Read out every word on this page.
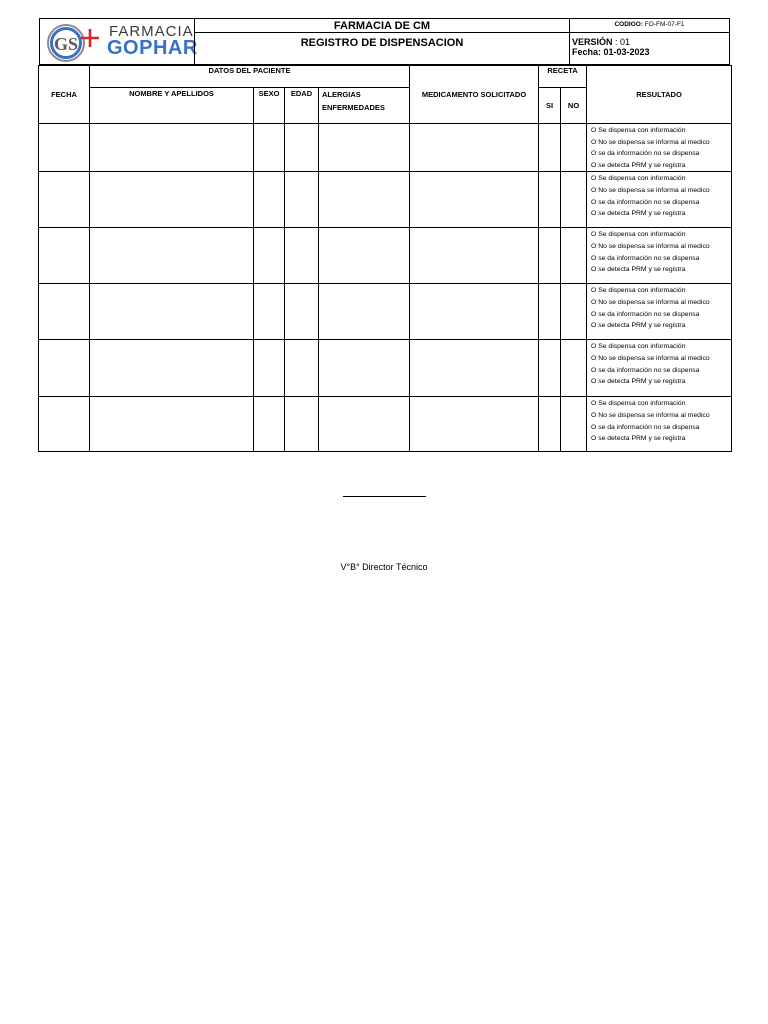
GS
FARMACIA
GOPHAR
FARMACIA DE CM
REGISTRO DE DISPENSACION
CODIGO: FO-FM-07-F1
VERSIÓN : 01
Fecha: 01-03-2023
FECHA	DATOS DEL PACIENTE				MEDICAMENTO SOLICITADO	RECETA		RESULTADO
	NOMBRE Y APELLIDOS	SEXO	EDAD	ALERGIAS
ENFERMEDADES		SI	NO	

								O Se dispensa con información
O No se dispensa se informa al medico
O se da información no se dispensa
O se detecta PRM y se registra

								O Se dispensa con información
O No se dispensa se informa al medico
O se da información no se dispensa
O se detecta PRM y se registra

								O Se dispensa con información
O No se dispensa se informa al medico
O se da información no se dispensa
O se detecta PRM y se registra

								O Se dispensa con información
O No se dispensa se informa al medico
O se da información no se dispensa
O se detecta PRM y se registra

								O Se dispensa con información
O No se dispensa se informa al medico
O se da información no se dispensa
O se detecta PRM y se registra

								O Se dispensa con información
O No se dispensa se informa al medico
O se da información no se dispensa
O se detecta PRM y se registra
V°B° Director Técnico
